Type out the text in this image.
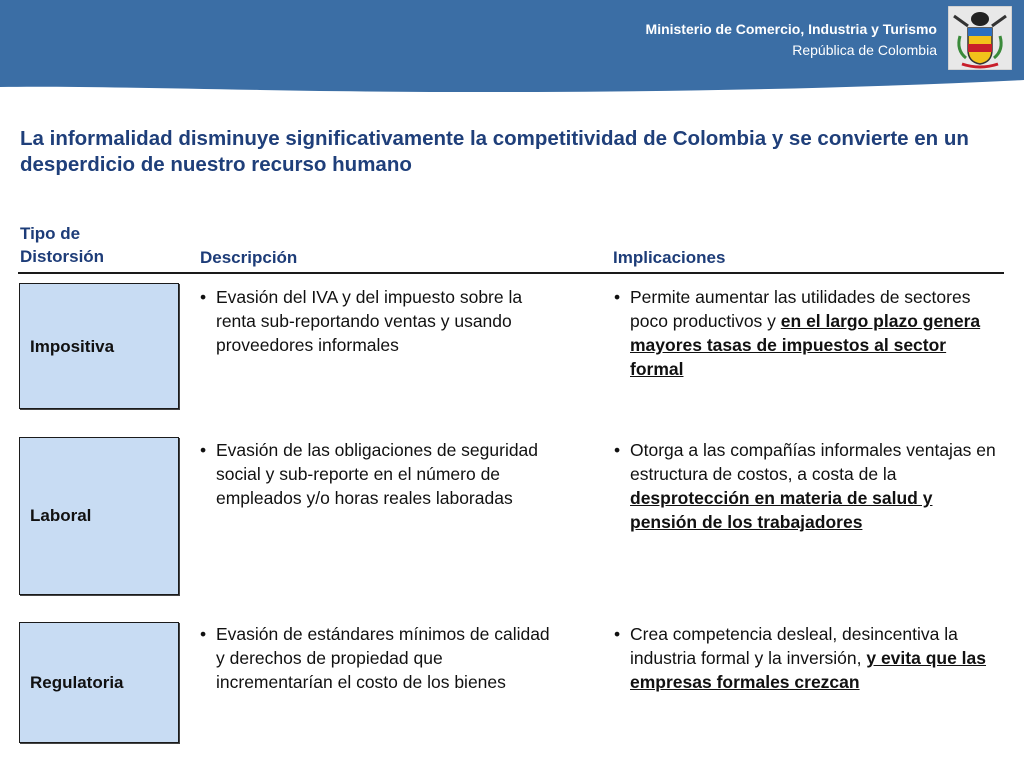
Ministerio de Comercio, Industria y Turismo
República de Colombia
La informalidad disminuye significativamente la competitividad de Colombia y se convierte en un desperdicio de nuestro recurso humano
Tipo de
Distorsión	Descripción	Implicaciones
Impositiva
• Evasión del IVA y del impuesto sobre la renta sub-reportando ventas y usando proveedores informales
• Permite aumentar las utilidades de sectores poco productivos y en el largo plazo genera mayores tasas de impuestos al sector formal
Laboral
• Evasión de las obligaciones de seguridad social y sub-reporte en el número de empleados y/o horas reales laboradas
• Otorga a las compañías informales ventajas en estructura de costos, a costa de la desprotección en materia de salud y pensión de los trabajadores
Regulatoria
• Evasión de estándares mínimos de calidad y derechos de propiedad que incrementarían el costo de los bienes
• Crea competencia desleal, desincentiva la industria formal y la inversión, y evita que las empresas formales crezcan
